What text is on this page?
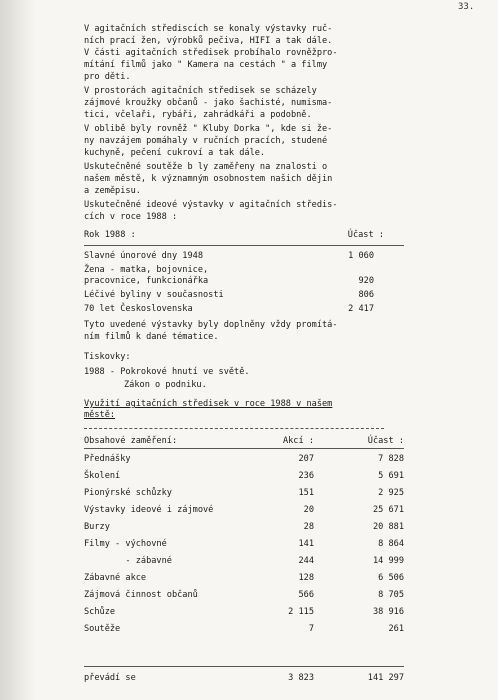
33.
V agitačních střediscích se konaly výstavky ruč-
ních prací žen, výrobků pečiva, HIFI a tak dále.
V části agitačních středisek probíhalo rovněžpro-
mítání filmů jako " Kamera na cestách " a filmy
pro děti.
V prostorách agitačních středisek se scházely
zájmové kroužky občanů - jako šachisté, numisma-
tici, včelaři, rybáři, zahrádkáři a podobně.
V oblibě byly rovněž " Kluby Dorka ", kde si že-
ny navzájem pomáhaly v ručních pracích, studené
kuchyně, pečení cukroví a tak dále.
Uskutečněné soutěže b ly zaměřeny na znalosti o
našem městě, k významným osobnostem našich dějin
a zeměpisu.
Uskutečněné ideové výstavky v agitačních středis-
cích v roce 1988 :
Rok 1988 :	Účast :
Slavné únorové dny 1948	1 060
Žena - matka, bojovnice,
pracovnice, funkcionářka	920
Léčivé byliny v současnosti	806
70 let Československa	2 417
Tyto uvedené výstavky byly doplněny vždy promítá-
ním filmů k dané tématice.
Tiskovky:
1988 - Pokrokové hnutí ve světě.
Zákon o podniku.
Využití agitačních středisek v roce 1988 v našem
městě:
Obsahové zaměření:	Akcí :	Účast :
Přednášky	207	7 828
Školení	236	5 691
Pionýrské schůzky	151	2 925
Výstavky ideové i zájmové	20	25 671
Burzy	28	20 881
Filmy - výchovné	141	8 864
- zábavné	244	14 999
Zábavné akce	128	6 506
Zájmová činnost občanů	566	8 705
Schůze	2 115	38 916
Soutěže	7	261
převádí se	3 823	141 297
